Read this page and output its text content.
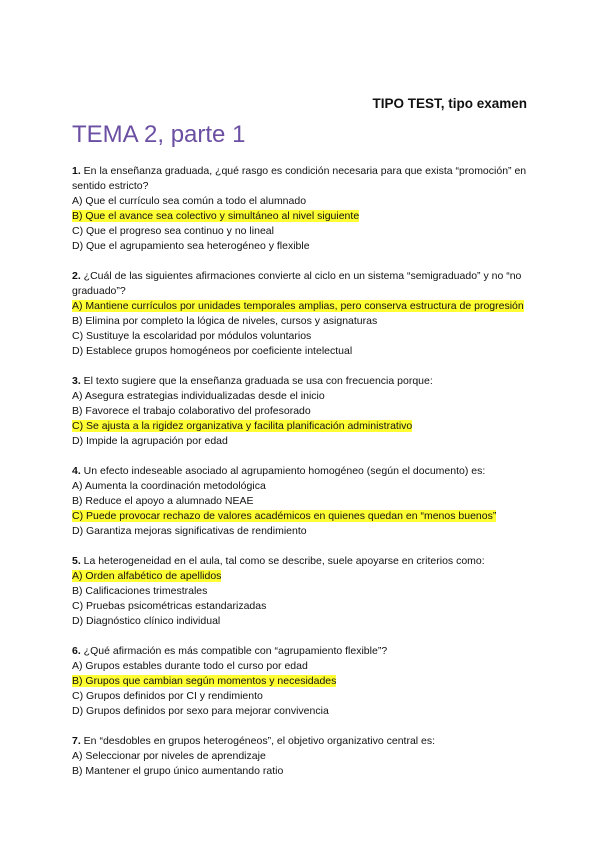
TIPO TEST, tipo examen
TEMA 2, parte 1
1. En la enseñanza graduada, ¿qué rasgo es condición necesaria para que exista “promoción” en sentido estricto?
A) Que el currículo sea común a todo el alumnado
B) Que el avance sea colectivo y simultáneo al nivel siguiente
C) Que el progreso sea continuo y no lineal
D) Que el agrupamiento sea heterogéneo y flexible
2. ¿Cuál de las siguientes afirmaciones convierte al ciclo en un sistema “semigraduado” y no “no graduado”?
A) Mantiene currículos por unidades temporales amplias, pero conserva estructura de progresión
B) Elimina por completo la lógica de niveles, cursos y asignaturas
C) Sustituye la escolaridad por módulos voluntarios
D) Establece grupos homogéneos por coeficiente intelectual
3. El texto sugiere que la enseñanza graduada se usa con frecuencia porque:
A) Asegura estrategias individualizadas desde el inicio
B) Favorece el trabajo colaborativo del profesorado
C) Se ajusta a la rigidez organizativa y facilita planificación administrativo
D) Impide la agrupación por edad
4. Un efecto indeseable asociado al agrupamiento homogéneo (según el documento) es:
A) Aumenta la coordinación metodológica
B) Reduce el apoyo a alumnado NEAE
C) Puede provocar rechazo de valores académicos en quienes quedan en “menos buenos”
D) Garantiza mejoras significativas de rendimiento
5. La heterogeneidad en el aula, tal como se describe, suele apoyarse en criterios como:
A) Orden alfabético de apellidos
B) Calificaciones trimestrales
C) Pruebas psicométricas estandarizadas
D) Diagnóstico clínico individual
6. ¿Qué afirmación es más compatible con “agrupamiento flexible”?
A) Grupos estables durante todo el curso por edad
B) Grupos que cambian según momentos y necesidades
C) Grupos definidos por CI y rendimiento
D) Grupos definidos por sexo para mejorar convivencia
7. En “desdobles en grupos heterogéneos”, el objetivo organizativo central es:
A) Seleccionar por niveles de aprendizaje
B) Mantener el grupo único aumentando ratio
